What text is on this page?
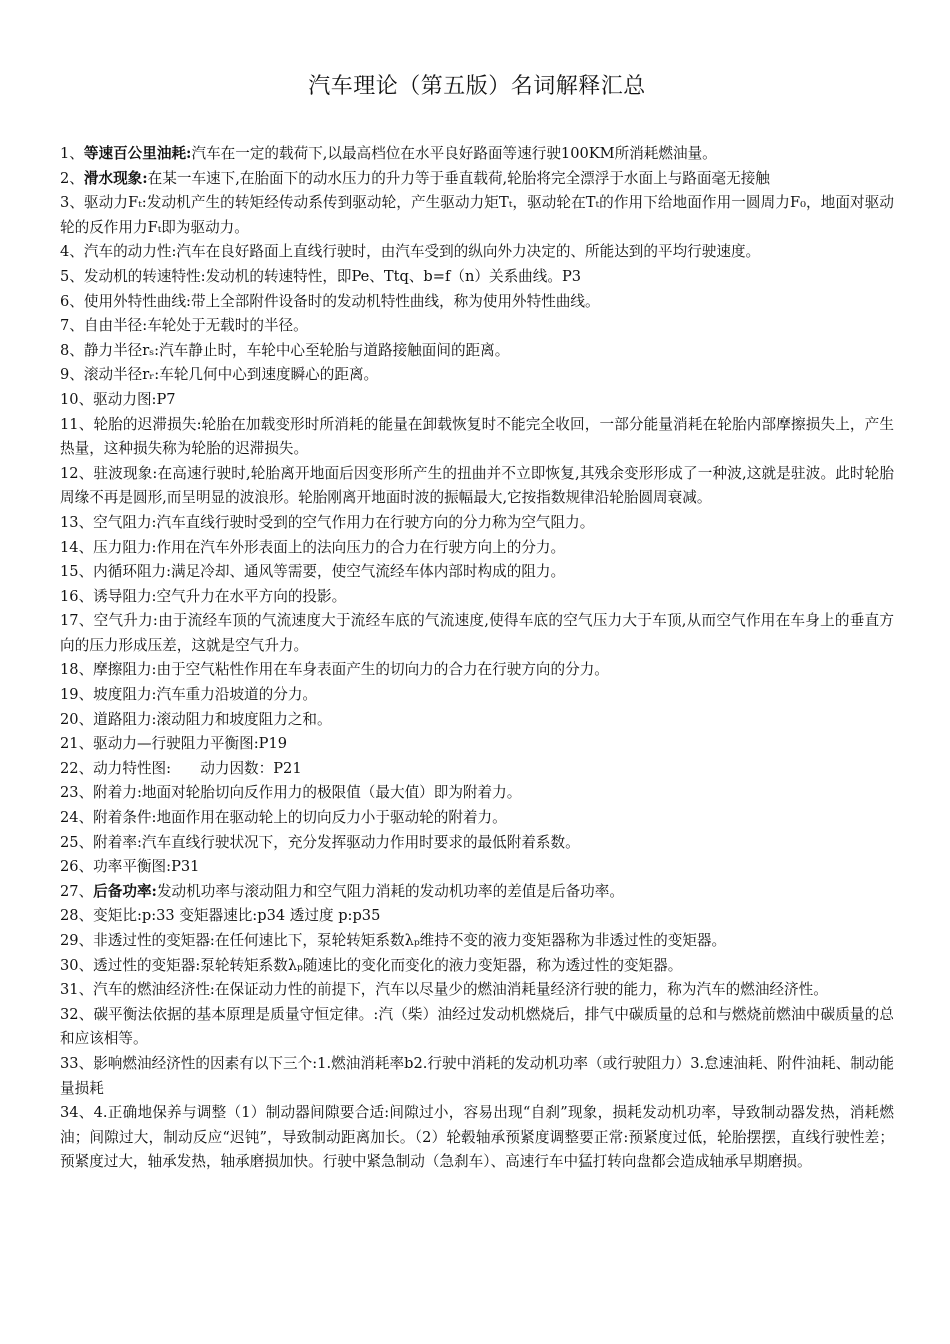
汽车理论（第五版）名词解释汇总
1、等速百公里油耗:汽车在一定的载荷下,以最高档位在水平良好路面等速行驶100KM所消耗燃油量。
2、滑水现象:在某一车速下,在胎面下的动水压力的升力等于垂直载荷,轮胎将完全漂浮于水面上与路面毫无接触
3、驱动力Fₜ:发动机产生的转矩经传动系传到驱动轮，产生驱动力矩Tₜ，驱动轮在Tₜ的作用下给地面作用一圆周力F₀，地面对驱动轮的反作用力Fₜ即为驱动力。
4、汽车的动力性:汽车在良好路面上直线行驶时，由汽车受到的纵向外力决定的、所能达到的平均行驶速度。
5、发动机的转速特性:发动机的转速特性，即Pe、Ttq、b=f（n）关系曲线。P3
6、使用外特性曲线:带上全部附件设备时的发动机特性曲线，称为使用外特性曲线。
7、自由半径:车轮处于无载时的半径。
8、静力半径rₛ:汽车静止时，车轮中心至轮胎与道路接触面间的距离。
9、滚动半径rᵣ:车轮几何中心到速度瞬心的距离。
10、驱动力图:P7
11、轮胎的迟滞损失:轮胎在加载变形时所消耗的能量在卸载恢复时不能完全收回，一部分能量消耗在轮胎内部摩擦损失上，产生热量，这种损失称为轮胎的迟滞损失。
12、驻波现象:在高速行驶时,轮胎离开地面后因变形所产生的扭曲并不立即恢复,其残余变形形成了一种波,这就是驻波。此时轮胎周缘不再是圆形,而呈明显的波浪形。轮胎刚离开地面时波的振幅最大,它按指数规律沿轮胎圆周衰减。
13、空气阻力:汽车直线行驶时受到的空气作用力在行驶方向的分力称为空气阻力。
14、压力阻力:作用在汽车外形表面上的法向压力的合力在行驶方向上的分力。
15、内循环阻力:满足冷却、通风等需要，使空气流经车体内部时构成的阻力。
16、诱导阻力:空气升力在水平方向的投影。
17、空气升力:由于流经车顶的气流速度大于流经车底的气流速度,使得车底的空气压力大于车顶,从而空气作用在车身上的垂直方向的压力形成压差，这就是空气升力。
18、摩擦阻力:由于空气粘性作用在车身表面产生的切向力的合力在行驶方向的分力。
19、坡度阻力:汽车重力沿坡道的分力。
20、道路阻力:滚动阻力和坡度阻力之和。
21、驱动力—行驶阻力平衡图:P19
22、动力特性图:　　动力因数：P21
23、附着力:地面对轮胎切向反作用力的极限值（最大值）即为附着力。
24、附着条件:地面作用在驱动轮上的切向反力小于驱动轮的附着力。
25、附着率:汽车直线行驶状况下，充分发挥驱动力作用时要求的最低附着系数。
26、功率平衡图:P31
27、后备功率:发动机功率与滚动阻力和空气阻力消耗的发动机功率的差值是后备功率。
28、变矩比:p:33 变矩器速比:p34 透过度 p:p35
29、非透过性的变矩器:在任何速比下，泵轮转矩系数λₚ维持不变的液力变矩器称为非透过性的变矩器。
30、透过性的变矩器:泵轮转矩系数λₚ随速比的变化而变化的液力变矩器，称为透过性的变矩器。
31、汽车的燃油经济性:在保证动力性的前提下，汽车以尽量少的燃油消耗量经济行驶的能力，称为汽车的燃油经济性。
32、碳平衡法依据的基本原理是质量守恒定律。:汽（柴）油经过发动机燃烧后，排气中碳质量的总和与燃烧前燃油中碳质量的总和应该相等。
33、影响燃油经济性的因素有以下三个:1.燃油消耗率b2.行驶中消耗的发动机功率（或行驶阻力）3.怠速油耗、附件油耗、制动能量损耗
34、4.正确地保养与调整（1）制动器间隙要合适:间隙过小，容易出现“自刹”现象，损耗发动机功率，导致制动器发热，消耗燃油；间隙过大，制动反应“迟钝”，导致制动距离加长。（2）轮毂轴承预紧度调整要正常:预紧度过低，轮胎摆摆，直线行驶性差；预紧度过大，轴承发热，轴承磨损加快。行驶中紧急制动（急刹车）、高速行车中猛打转向盘都会造成轴承早期磨损。
